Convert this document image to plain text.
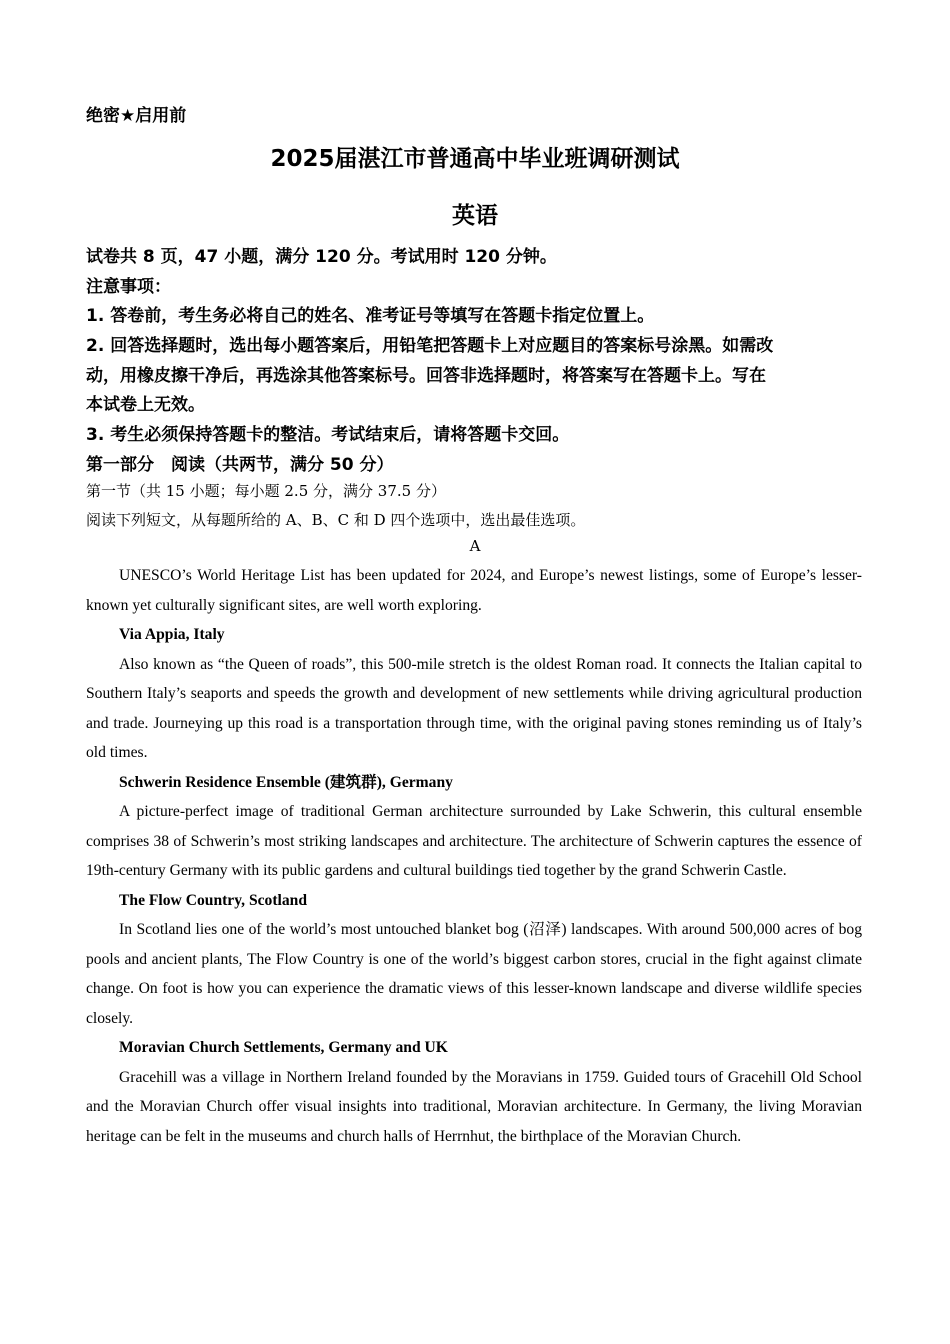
绝密★启用前
2025届湛江市普通高中毕业班调研测试
英语
试卷共 8 页，47 小题，满分 120 分。考试用时 120 分钟。
注意事项：
1. 答卷前，考生务必将自己的姓名、准考证号等填写在答题卡指定位置上。
2. 回答选择题时，选出每小题答案后，用铅笔把答题卡上对应题目的答案标号涂黑。如需改
动，用橡皮擦干净后，再选涂其他答案标号。回答非选择题时，将答案写在答题卡上。写在
本试卷上无效。
3. 考生必须保持答题卡的整洁。考试结束后，请将答题卡交回。
第一部分　阅读（共两节，满分 50 分）
第一节（共 15 小题；每小题 2.5 分，满分 37.5 分）
阅读下列短文，从每题所给的 A、B、C 和 D 四个选项中，选出最佳选项。
A

UNESCO’s World Heritage List has been updated for 2024, and Europe’s newest listings, some of Europe’s lesser-known yet culturally significant sites, are well worth exploring.

Via Appia, Italy

Also known as “the Queen of roads”, this 500-mile stretch is the oldest Roman road. It connects the Italian capital to Southern Italy’s seaports and speeds the growth and development of new settlements while driving agricultural production and trade. Journeying up this road is a transportation through time, with the original paving stones reminding us of Italy’s old times.

Schwerin Residence Ensemble (建筑群), Germany

A picture-perfect image of traditional German architecture surrounded by Lake Schwerin, this cultural ensemble comprises 38 of Schwerin’s most striking landscapes and architecture. The architecture of Schwerin captures the essence of 19th-century Germany with its public gardens and cultural buildings tied together by the grand Schwerin Castle.

The Flow Country, Scotland

In Scotland lies one of the world’s most untouched blanket bog (沼泽) landscapes. With around 500,000 acres of bog pools and ancient plants, The Flow Country is one of the world’s biggest carbon stores, crucial in the fight against climate change. On foot is how you can experience the dramatic views of this lesser-known landscape and diverse wildlife species closely.

Moravian Church Settlements, Germany and UK

Gracehill was a village in Northern Ireland founded by the Moravians in 1759. Guided tours of Gracehill Old School and the Moravian Church offer visual insights into traditional, Moravian architecture. In Germany, the living Moravian heritage can be felt in the museums and church halls of Herrnhut, the birthplace of the Moravian Church.
